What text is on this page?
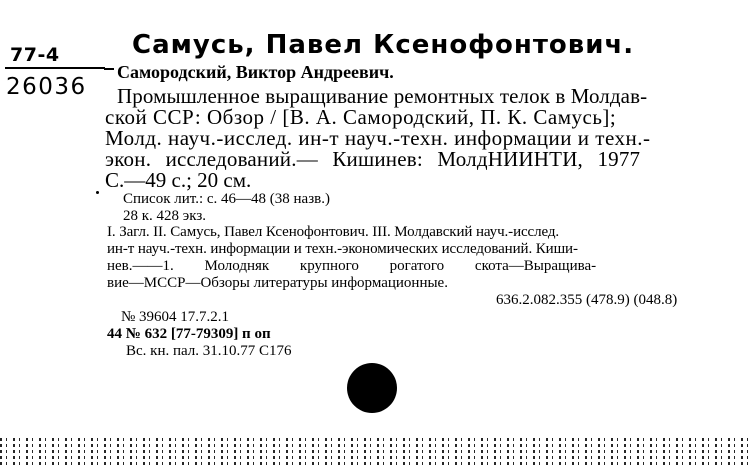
Самусь, Павел Ксенофонтович.
77-4
26036
Самородский, Виктор Андреевич.
Промышленное выращивание ремонтных телок в Молдав-
ской ССР: Обзор / [В. А. Самородский, П. К. Самусь];
Молд. науч.-исслед. ин-т науч.-техн. информации и техн.-
экон. исследований.— Кишинев: МолдНИИНТИ, 1977
С.—49 с.; 20 см.
Список лит.: с. 46—48 (38 назв.)
28 к. 428 экз.
I. Загл. II. Самусь, Павел Ксенофонтович. III. Молдавский науч.-исслед.
ин-т науч.-техн. информации и техн.-экономических исследований. Киши-
нев.——1. Молодняк крупного рогатого скота—Выращива-
вие—МССР—Обзоры литературы информационные.
636.2.082.355 (478.9) (048.8)
№ 39604 17.7.2.1
44 № 632 [77-79309] п оп
Вс. кн. пал. 31.10.77 С176
